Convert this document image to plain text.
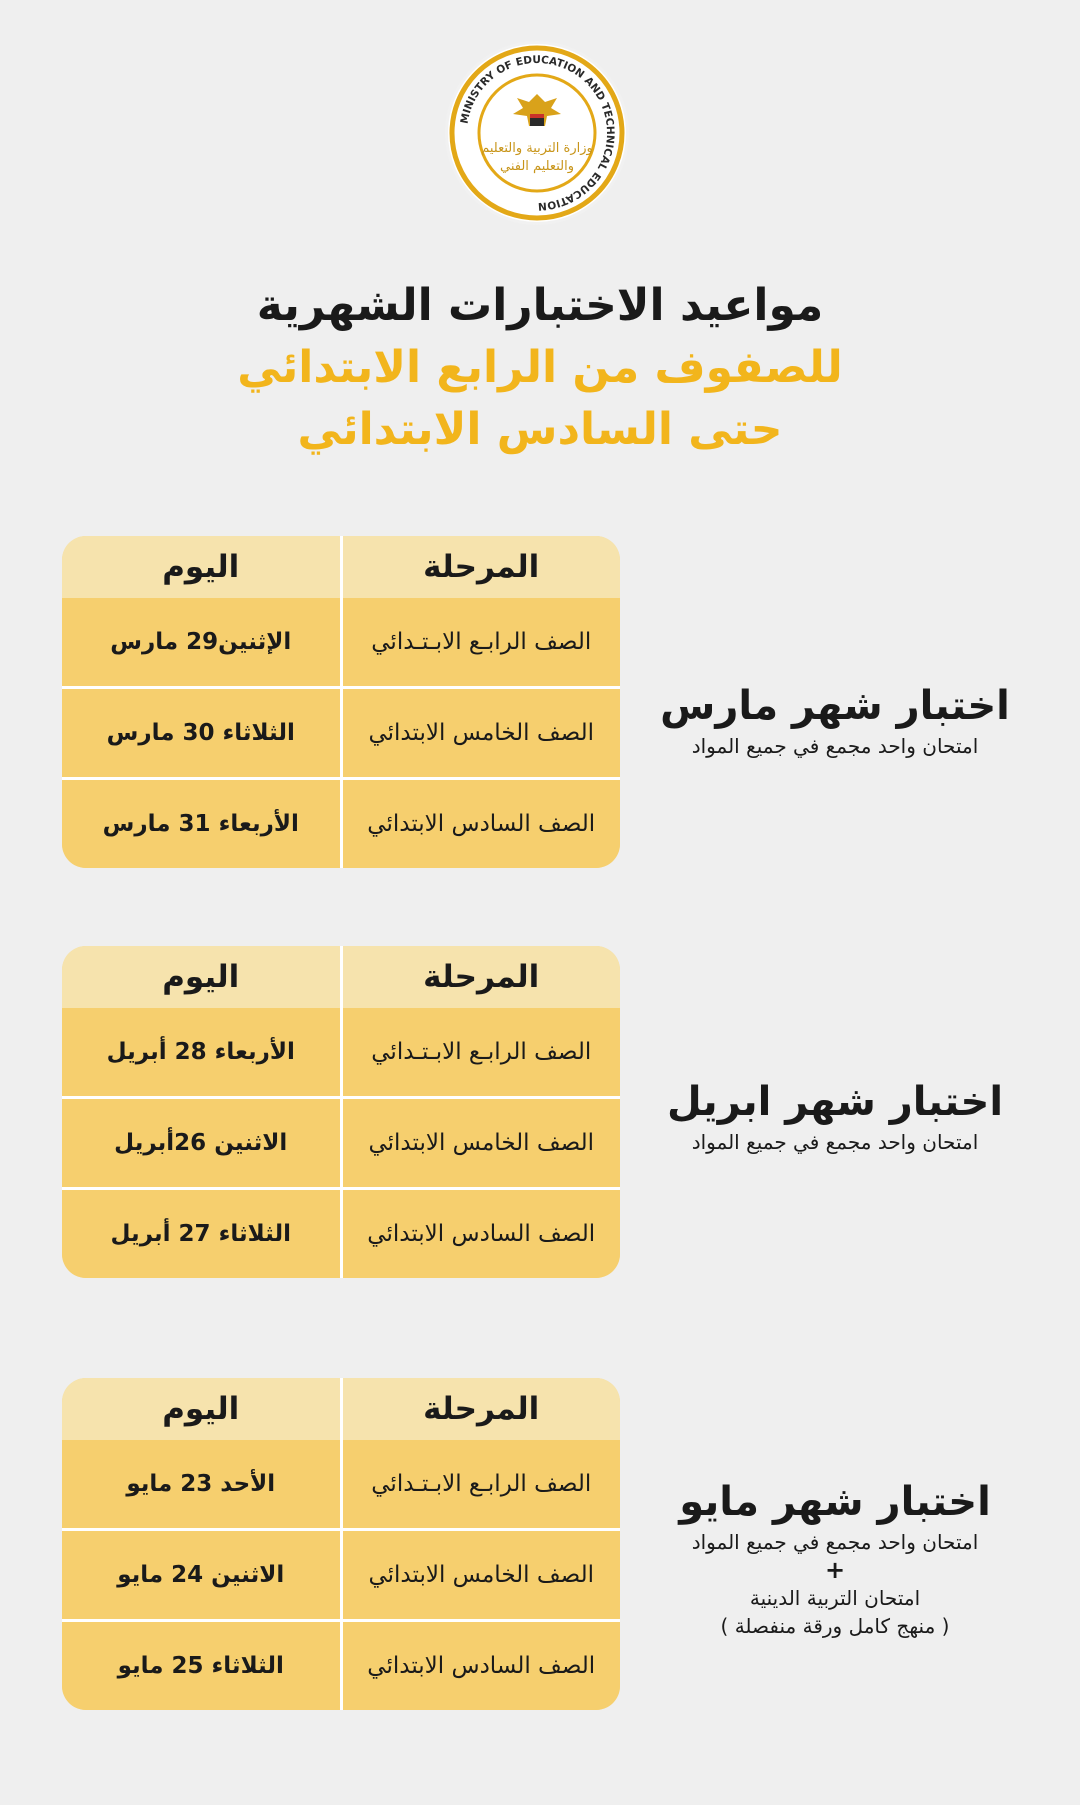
MINISTRY OF EDUCATION AND TECHNICAL EDUCATION
وزارة التربية والتعليم
والتعليم الفني
مواعيد الاختبارات الشهرية
للصفوف من الرابع الابتدائي
حتى السادس الابتدائي
اليوم	المرحلة
الإثنين29 مارس	الصف الرابـع الابـتـدائي
الثلاثاء 30 مارس	الصف الخامس الابتدائي
الأربعاء 31 مارس	الصف السادس الابتدائي
اختبار شهر مارس
امتحان واحد مجمع في جميع المواد
اليوم	المرحلة
الأربعاء 28 أبريل	الصف الرابـع الابـتـدائي
الاثنين 26أبريل	الصف الخامس الابتدائي
الثلاثاء 27 أبريل	الصف السادس الابتدائي
اختبار شهر ابريل
امتحان واحد مجمع في جميع المواد
اليوم	المرحلة
الأحد 23 مايو	الصف الرابـع الابـتـدائي
الاثنين 24 مايو	الصف الخامس الابتدائي
الثلاثاء 25 مايو	الصف السادس الابتدائي
اختبار شهر مايو
امتحان واحد مجمع في جميع المواد
+
امتحان التربية الدينية
( منهج كامل ورقة منفصلة )
